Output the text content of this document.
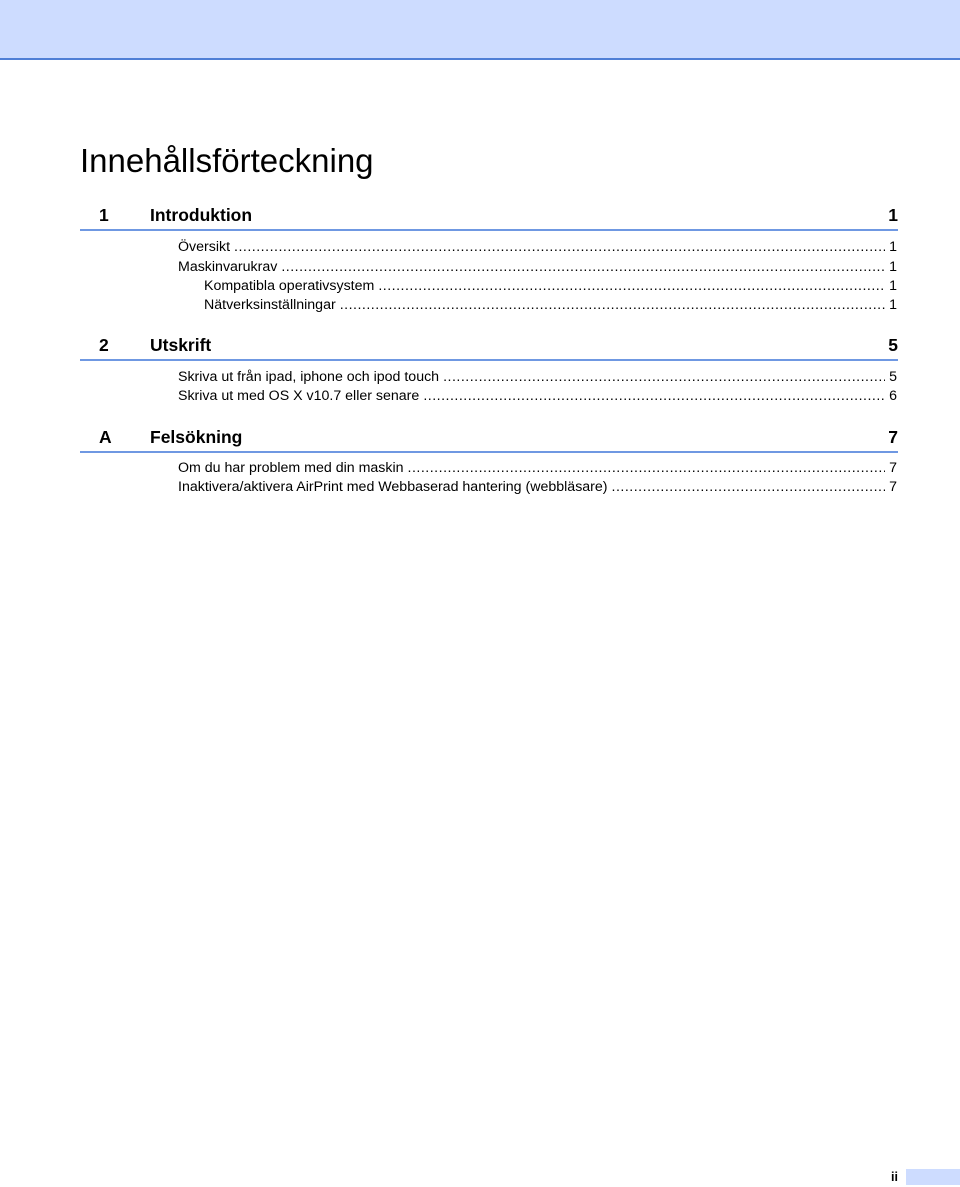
Innehållsförteckning
1	Introduktion	1
Översikt .....	1
Maskinvarukrav .....	1
Kompatibla operativsystem .....	1
Nätverksinställningar .....	1
2	Utskrift	5
Skriva ut från ipad, iphone och ipod touch .....	5
Skriva ut med OS X v10.7 eller senare .....	6
A Felsökning	7
Om du har problem med din maskin .....	7
Inaktivera/aktivera AirPrint med Webbaserad hantering (webbläsare) .....	7
ii
